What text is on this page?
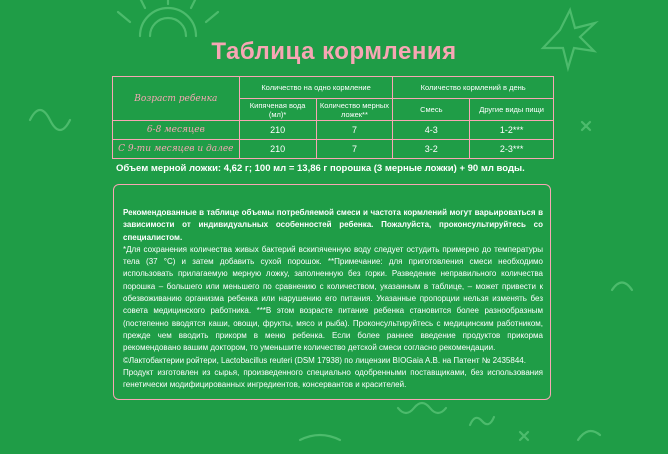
Таблица кормления
Возраст ребенка	Количество на одно кормление		Количество кормлений в день	
	Кипяченая вода (мл)*	Количество мерных ложек**	Смесь	Другие виды пищи
6-8 месяцев	210	7	4-3	1-2***
С 9-ти месяцев и далее	210	7	3-2	2-3***
Объем мерной ложки: 4,62 г; 100 мл = 13,86 г порошка (3 мерные ложки) + 90 мл воды.

Рекомендованные в таблице объемы потребляемой смеси и частота кормлений могут варьироваться в зависимости от индивидуальных особенностей ребенка. Пожалуйста, проконсультируйтесь со специалистом.

*Для сохранения количества живых бактерий вскипяченную воду следует остудить примерно до температуры тела (37 °С) и затем добавить сухой порошок. **Примечание: для приготовления смеси необходимо использовать прилагаемую мерную ложку, заполненную без горки. Разведение неправильного количества порошка – большего или меньшего по сравнению с количеством, указанным в таблице, – может привести к обезвоживанию организма ребенка или нарушению его питания. Указанные пропорции нельзя изменять без совета медицинского работника. ***В этом возрасте питание ребенка становится более разнообразным (постепенно вводятся каши, овощи, фрукты, мясо и рыба). Проконсультируйтесь с медицинским работником, прежде чем вводить прикорм в меню ребенка. Если более раннее введение продуктов прикорма рекомендовано вашим доктором, то уменьшите количество детской смеси согласно рекомендации.

©Лактобактерии ройтери, Lactobacillus reuteri (DSM 17938) по лицензии BIOGaia A.B. на Патент № 2435844.

Продукт изготовлен из сырья, произведенного специально одобренными поставщиками, без использования генетически модифицированных ингредиентов, консервантов и красителей.
